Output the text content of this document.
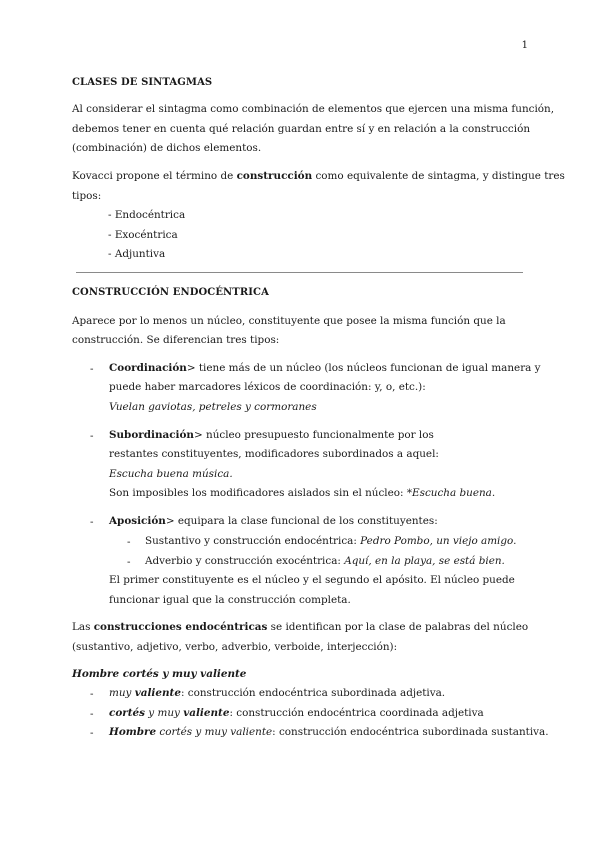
1
CLASES DE SINTAGMAS
Al considerar el sintagma como combinación de elementos que ejercen una misma función,
debemos tener en cuenta qué relación guardan entre sí y en relación a la construcción
(combinación) de dichos elementos.
Kovacci propone el término de construcción como equivalente de sintagma, y distingue tres
tipos:
- Endocéntrica
- Exocéntrica
- Adjuntiva
CONSTRUCCIÓN ENDOCÉNTRICA
Aparece por lo menos un núcleo, constituyente que posee la misma función que la
construcción. Se diferencian tres tipos:
- Coordinación> tiene más de un núcleo (los núcleos funcionan de igual manera y
puede haber marcadores léxicos de coordinación: y, o, etc.):
Vuelan gaviotas, petreles y cormoranes
- Subordinación> núcleo presupuesto funcionalmente por los
restantes constituyentes, modificadores subordinados a aquel:
Escucha buena música.
Son imposibles los modificadores aislados sin el núcleo: *Escucha buena.
- Aposición> equipara la clase funcional de los constituyentes:
- Sustantivo y construcción endocéntrica: Pedro Pombo, un viejo amigo.
- Adverbio y construcción exocéntrica: Aquí, en la playa, se está bien.
El primer constituyente es el núcleo y el segundo el apósito. El núcleo puede
funcionar igual que la construcción completa.
Las construcciones endocéntricas se identifican por la clase de palabras del núcleo
(sustantivo, adjetivo, verbo, adverbio, verboide, interjección):
Hombre cortés y muy valiente
- muy valiente: construcción endocéntrica subordinada adjetiva.
- cortés y muy valiente: construcción endocéntrica coordinada adjetiva
- Hombre cortés y muy valiente: construcción endocéntrica subordinada sustantiva.
